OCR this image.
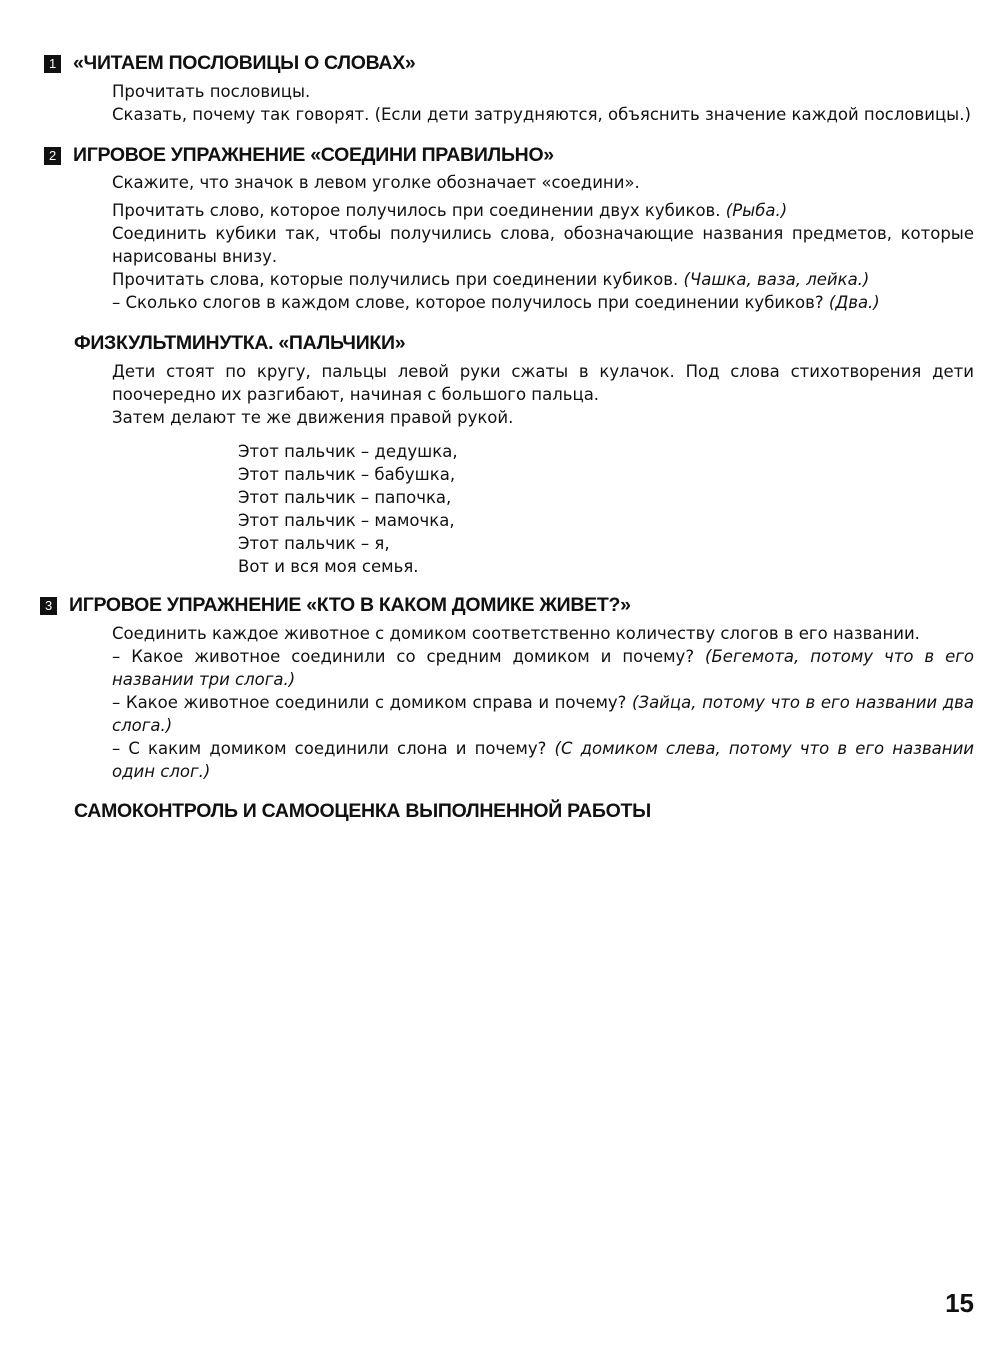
1 «ЧИТАЕМ ПОСЛОВИЦЫ О СЛОВАХ»
Прочитать пословицы.
Сказать, почему так говорят. (Если дети затрудняются, объяснить значение каждой пословицы.)
2 ИГРОВОЕ УПРАЖНЕНИЕ «СОЕДИНИ ПРАВИЛЬНО»
Скажите, что значок в левом уголке обозначает «соедини».
Прочитать слово, которое получилось при соединении двух кубиков. (Рыба.)
Соединить кубики так, чтобы получились слова, обозначающие названия предметов, которые нарисованы внизу.
Прочитать слова, которые получились при соединении кубиков. (Чашка, ваза, лейка.)
– Сколько слогов в каждом слове, которое получилось при соединении кубиков? (Два.)
ФИЗКУЛЬТМИНУТКА. «ПАЛЬЧИКИ»
Дети стоят по кругу, пальцы левой руки сжаты в кулачок. Под слова стихотворения дети поочередно их разгибают, начиная с большого пальца.
Затем делают те же движения правой рукой.
Этот пальчик – дедушка,
Этот пальчик – бабушка,
Этот пальчик – папочка,
Этот пальчик – мамочка,
Этот пальчик – я,
Вот и вся моя семья.
3 ИГРОВОЕ УПРАЖНЕНИЕ «КТО В КАКОМ ДОМИКЕ ЖИВЕТ?»
Соединить каждое животное с домиком соответственно количеству слогов в его названии.
– Какое животное соединили со средним домиком и почему? (Бегемота, потому что в его названии три слога.)
– Какое животное соединили с домиком справа и почему? (Зайца, потому что в его названии два слога.)
– С каким домиком соединили слона и почему? (С домиком слева, потому что в его названии один слог.)
САМОКОНТРОЛЬ И САМООЦЕНКА ВЫПОЛНЕННОЙ РАБОТЫ
15
